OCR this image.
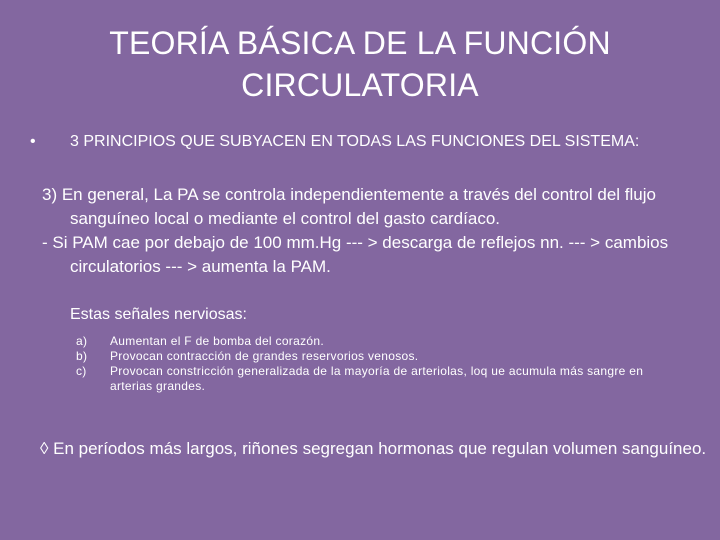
TEORÍA BÁSICA DE LA FUNCIÓN
CIRCULATORIA
• 3 PRINCIPIOS QUE SUBYACEN EN TODAS LAS FUNCIONES DEL SISTEMA:
3) En general, La PA se controla independientemente a través del control del flujo sanguíneo local o mediante el control del gasto cardíaco.
- Si PAM cae por debajo de 100 mm.Hg --- > descarga de reflejos nn. --- > cambios circulatorios --- > aumenta la PAM.
Estas señales nerviosas:
a)	Aumentan el F de bomba del corazón.
b)	Provocan contracción de grandes reservorios venosos.
c)	Provocan constricción generalizada de la mayoría de arteriolas, loq ue acumula más sangre en arterias grandes.
◊ En períodos más largos, riñones segregan hormonas que regulan volumen sanguíneo.
